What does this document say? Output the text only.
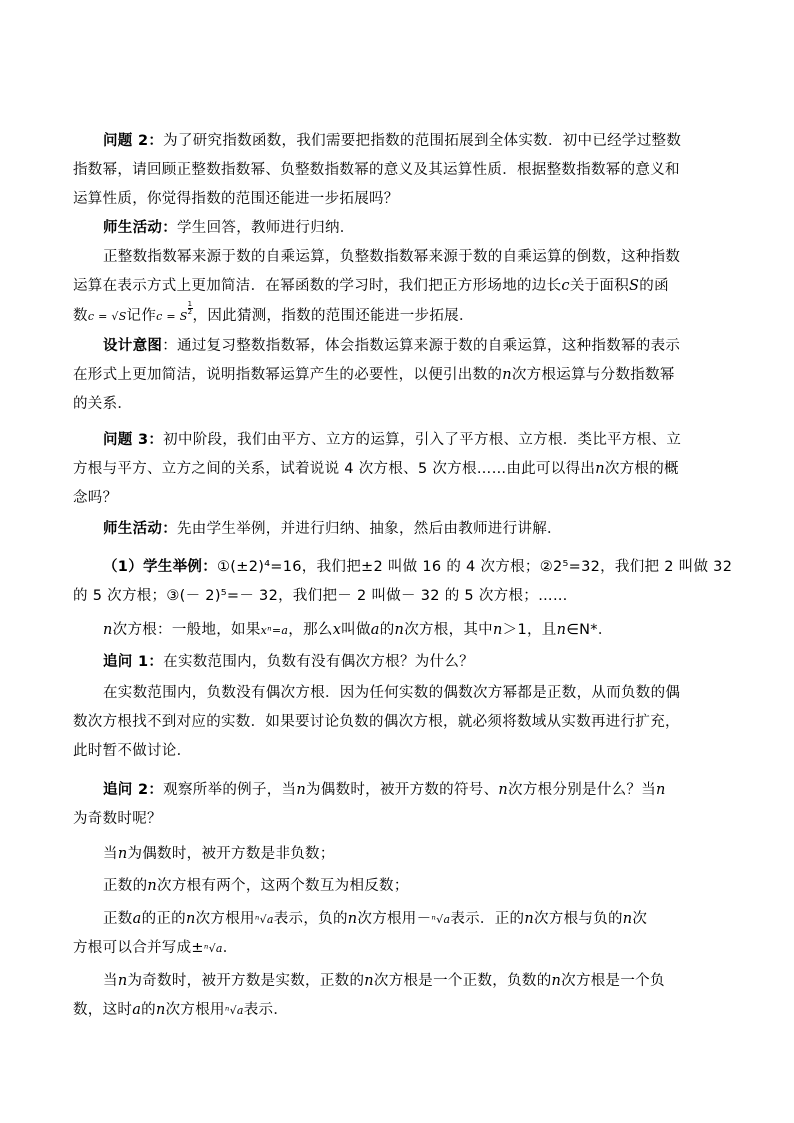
问题 2：为了研究指数函数，我们需要把指数的范围拓展到全体实数．初中已经学过整数
指数幂，请回顾正整数指数幂、负整数指数幂的意义及其运算性质．根据整数指数幂的意义和
运算性质，你觉得指数的范围还能进一步拓展吗？
师生活动：学生回答，教师进行归纳．
正整数指数幂来源于数的自乘运算，负整数指数幂来源于数的自乘运算的倒数，这种指数
运算在表示方式上更加简洁．在幂函数的学习时，我们把正方形场地的边长c关于面积S的函
数c = √S记作c = S
$\frac{1}{2}$ ，因此猜测，指数的范围还能进一步拓展．
设计意图：通过复习整数指数幂，体会指数运算来源于数的自乘运算，这种指数幂的表示
在形式上更加简洁，说明指数幂运算产生的必要性，以便引出数的n次方根运算与分数指数幂
的关系．
问题 3：初中阶段，我们由平方、立方的运算，引入了平方根、立方根．类比平方根、立
方根与平方、立方之间的关系，试着说说 4 次方根、5 次方根……由此可以得出n次方根的概
念吗？
师生活动：先由学生举例，并进行归纳、抽象，然后由教师进行讲解．
（1）学生举例：①(±2)⁴=16，我们把±2 叫做 16 的 4 次方根；②2⁵=32，我们把 2 叫做 32
的 5 次方根；③(－ 2)⁵=－ 32，我们把－ 2 叫做－ 32 的 5 次方根；……
n次方根：一般地，如果xⁿ=a，那么x叫做a的n次方根，其中n＞1，且n∈N*．
追问 1：在实数范围内，负数有没有偶次方根？为什么？
在实数范围内，负数没有偶次方根．因为任何实数的偶数次方幂都是正数，从而负数的偶
数次方根找不到对应的实数．如果要讨论负数的偶次方根，就必须将数域从实数再进行扩充，
此时暂不做讨论．
追问 2：观察所举的例子，当n为偶数时，被开方数的符号、n次方根分别是什么？当n
为奇数时呢？
当n为偶数时，被开方数是非负数；
正数的n次方根有两个，这两个数互为相反数；
正数a的正的n次方根用ⁿ√a表示，负的n次方根用－ⁿ√a表示．正的n次方根与负的n次
方根可以合并写成±ⁿ√a．
当n为奇数时，被开方数是实数，正数的n次方根是一个正数，负数的n次方根是一个负
数，这时a的n次方根用ⁿ√a表示．
